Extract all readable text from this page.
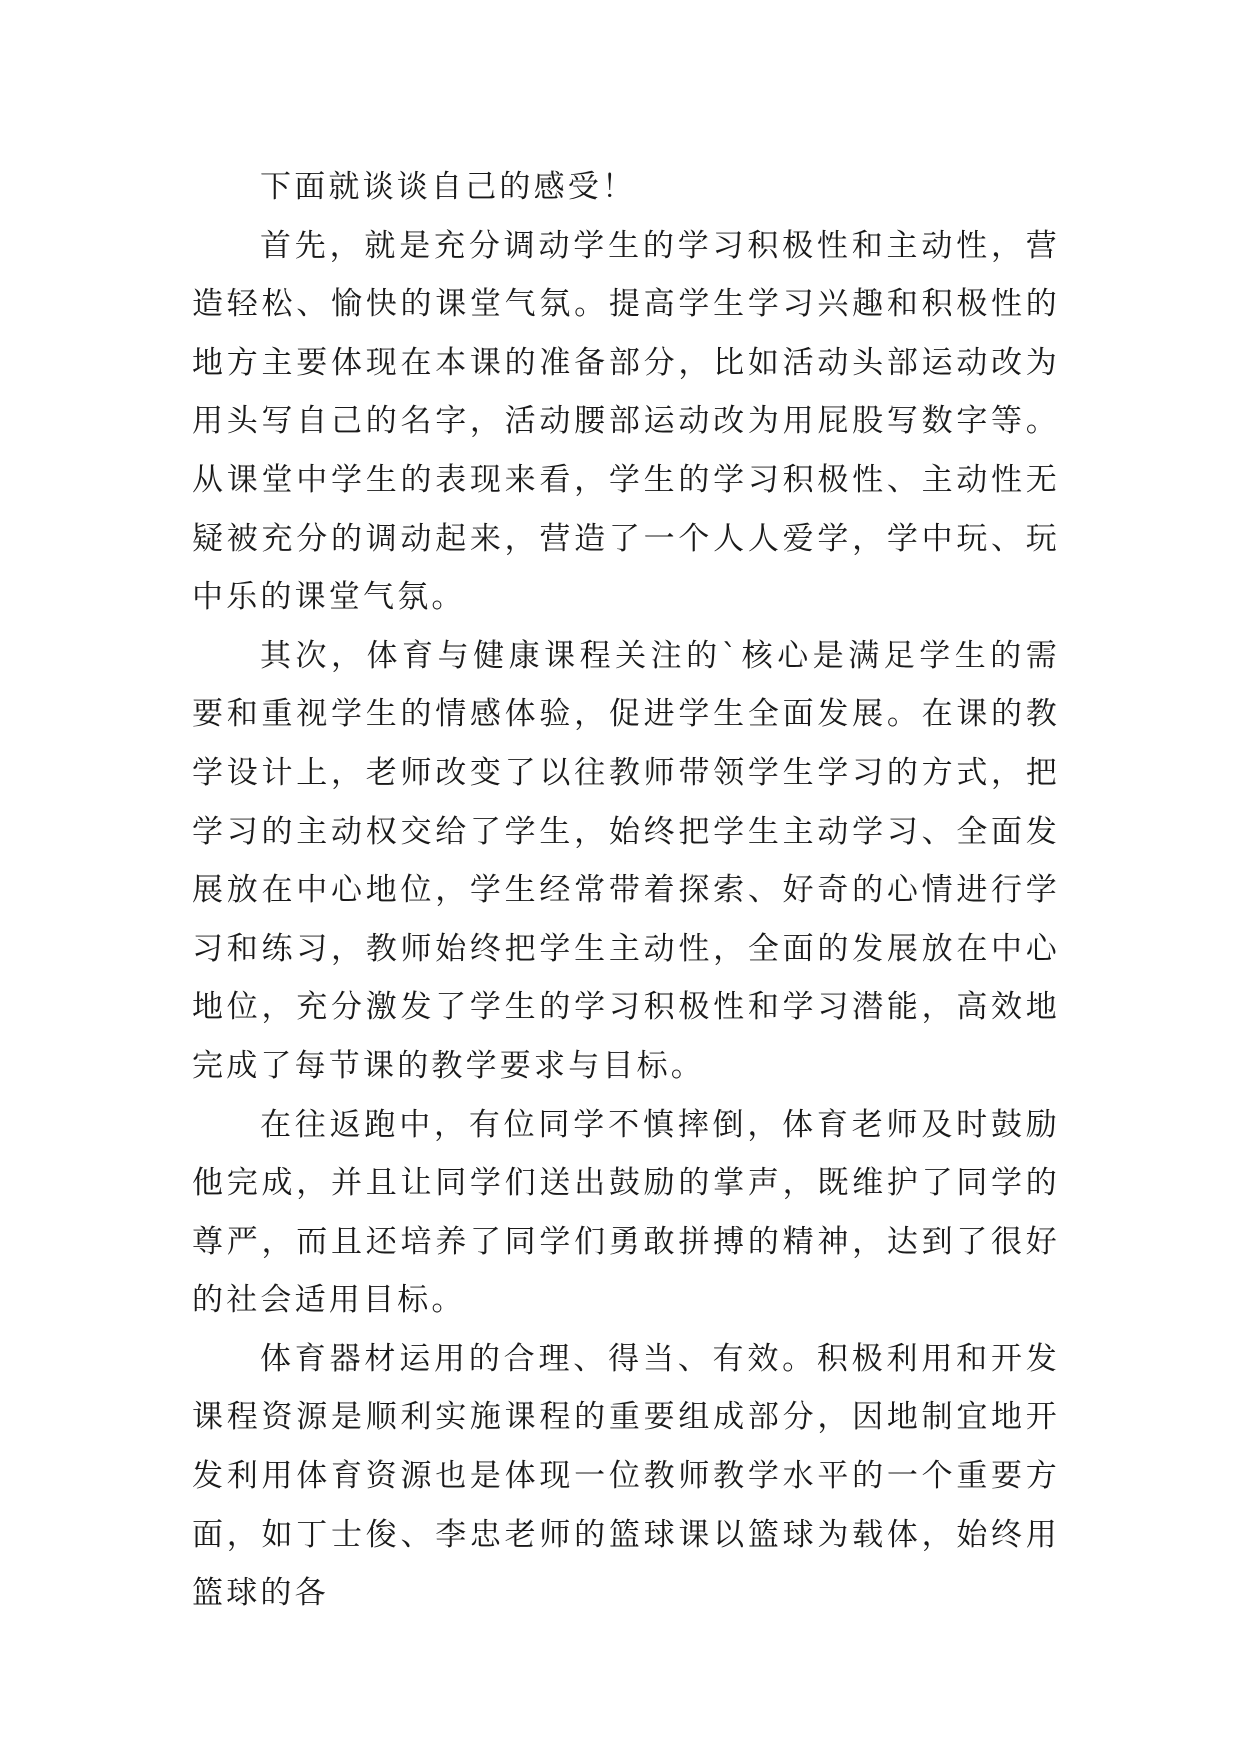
下面就谈谈自己的感受！

首先，就是充分调动学生的学习积极性和主动性，营造轻松、愉快的课堂气氛。提高学生学习兴趣和积极性的地方主要体现在本课的准备部分，比如活动头部运动改为用头写自己的名字，活动腰部运动改为用屁股写数字等。从课堂中学生的表现来看，学生的学习积极性、主动性无疑被充分的调动起来，营造了一个人人爱学，学中玩、玩中乐的课堂气氛。

其次，体育与健康课程关注的`核心是满足学生的需要和重视学生的情感体验，促进学生全面发展。在课的教学设计上，老师改变了以往教师带领学生学习的方式，把学习的主动权交给了学生，始终把学生主动学习、全面发展放在中心地位，学生经常带着探索、好奇的心情进行学习和练习，教师始终把学生主动性，全面的发展放在中心地位，充分激发了学生的学习积极性和学习潜能，高效地完成了每节课的教学要求与目标。

在往返跑中，有位同学不慎摔倒，体育老师及时鼓励他完成，并且让同学们送出鼓励的掌声，既维护了同学的尊严，而且还培养了同学们勇敢拼搏的精神，达到了很好的社会适用目标。

体育器材运用的合理、得当、有效。积极利用和开发课程资源是顺利实施课程的重要组成部分，因地制宜地开发利用体育资源也是体现一位教师教学水平的一个重要方面，如丁士俊、李忠老师的篮球课以篮球为载体，始终用篮球的各
